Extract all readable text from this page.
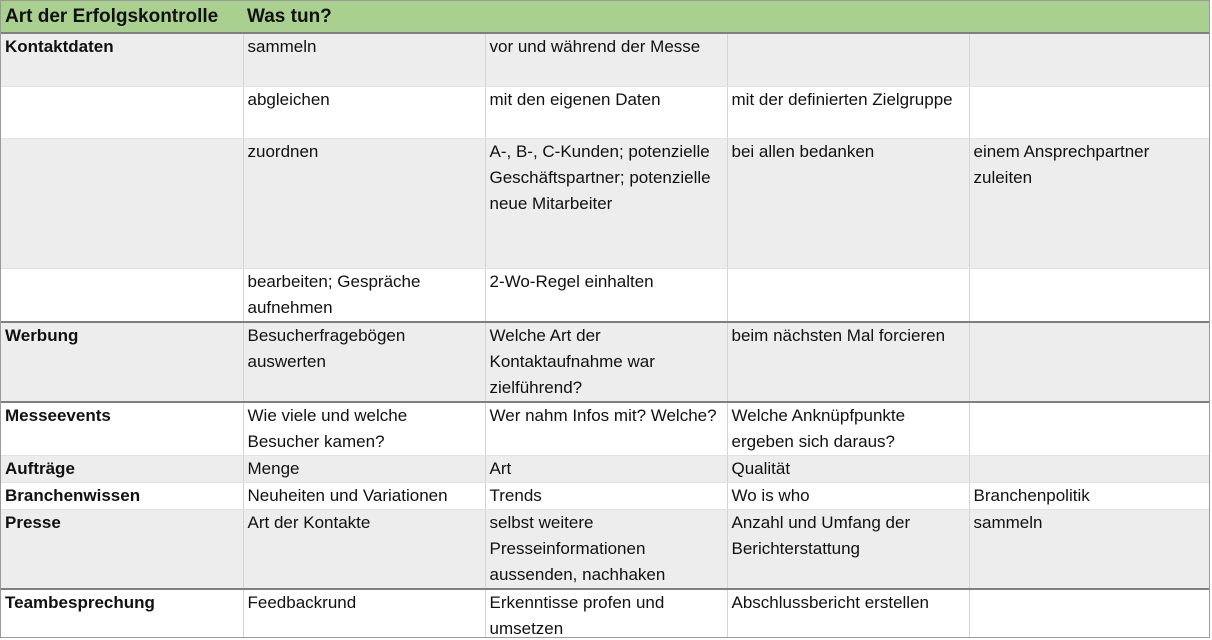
Art der Erfolgskontrolle	Was tun?
Kontaktdaten	sammeln	vor und während der Messe		
	abgleichen	mit den eigenen Daten	mit der definierten Zielgruppe	
	zuordnen	A-, B-, C-Kunden; potenzielle Geschäftspartner; potenzielle neue Mitarbeiter	bei allen bedanken	einem Ansprechpartner zuleiten
	bearbeiten; Gespräche aufnehmen	2-Wo-Regel einhalten		
Werbung	Besucherfragebögen auswerten	Welche Art der Kontaktaufnahme war zielführend?	beim nächsten Mal forcieren	
Messeevents	Wie viele und welche Besucher kamen?	Wer nahm Infos mit? Welche?	Welche Anknüpfpunkte ergeben sich daraus?	
Aufträge	Menge	Art	Qualität	
Branchenwissen	Neuheiten und Variationen	Trends	Wo is who	Branchenpolitik
Presse	Art der Kontakte	selbst weitere Presseinformationen aussenden, nachhaken	Anzahl und Umfang der Berichterstattung	sammeln
Teambesprechung	Feedbackrund	Erkenntisse profen und umsetzen	Abschlussbericht erstellen	
